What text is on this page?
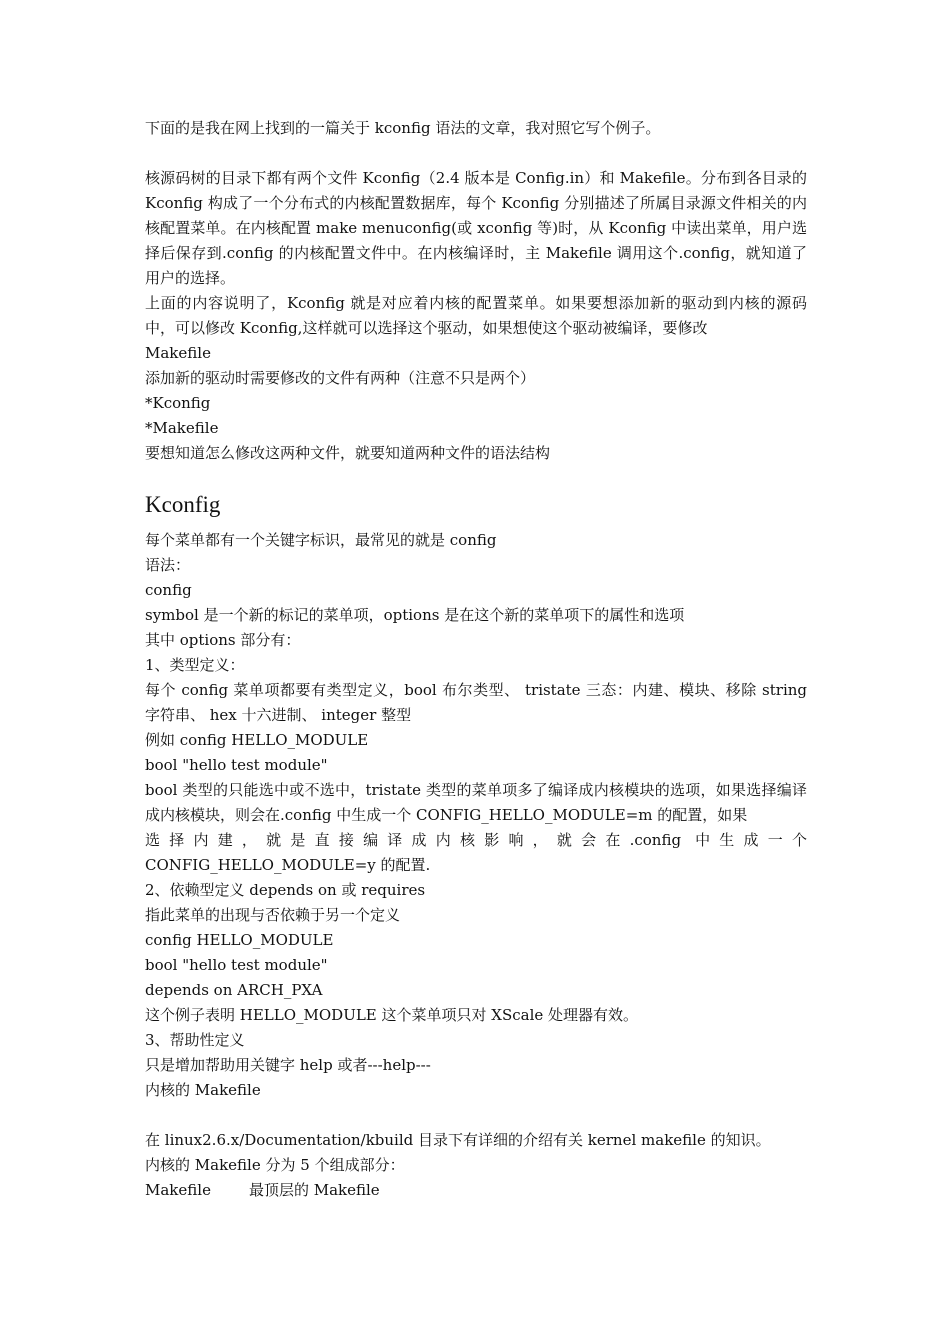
下面的是我在网上找到的一篇关于 kconfig 语法的文章，我对照它写个例子。

核源码树的目录下都有两个文件 Kconfig（2.4 版本是 Config.in）和 Makefile。分布到各目录的 Kconfig 构成了一个分布式的内核配置数据库，每个 Kconfig 分别描述了所属目录源文件相关的内核配置菜单。在内核配置 make menuconfig(或 xconfig 等)时，从 Kconfig 中读出菜单，用户选择后保存到.config 的内核配置文件中。在内核编译时，主 Makefile 调用这个.config，就知道了用户的选择。

上面的内容说明了，Kconfig 就是对应着内核的配置菜单。如果要想添加新的驱动到内核的源码中，可以修改 Kconfig,这样就可以选择这个驱动，如果想使这个驱动被编译，要修改

Makefile
添加新的驱动时需要修改的文件有两种（注意不只是两个）
*Kconfig
*Makefile
要想知道怎么修改这两种文件，就要知道两种文件的语法结构
Kconfig
每个菜单都有一个关键字标识，最常见的就是 config
语法：
config
symbol 是一个新的标记的菜单项，options 是在这个新的菜单项下的属性和选项
其中 options 部分有：
1、类型定义：

每个 config 菜单项都要有类型定义，bool 布尔类型、 tristate 三态：内建、模块、移除 string 字符串、 hex 十六进制、 integer 整型

例如 config HELLO_MODULE
bool "hello test module"

bool 类型的只能选中或不选中，tristate 类型的菜单项多了编译成内核模块的选项，如果选择编译成内核模块，则会在.config 中生成一个 CONFIG_HELLO_MODULE=m 的配置，如果

选择内建，就是直接编译成内核影响，就会在.config 中生成一个
CONFIG_HELLO_MODULE=y 的配置.
2、依赖型定义 depends on 或 requires
指此菜单的出现与否依赖于另一个定义
config HELLO_MODULE
bool "hello test module"
depends on ARCH_PXA
这个例子表明 HELLO_MODULE 这个菜单项只对 XScale 处理器有效。
3、帮助性定义
只是增加帮助用关键字 help 或者---help---
内核的 Makefile
在 linux2.6.x/Documentation/kbuild 目录下有详细的介绍有关 kernel makefile 的知识。
内核的 Makefile 分为 5 个组成部分：
Makefile	最顶层的 Makefile
